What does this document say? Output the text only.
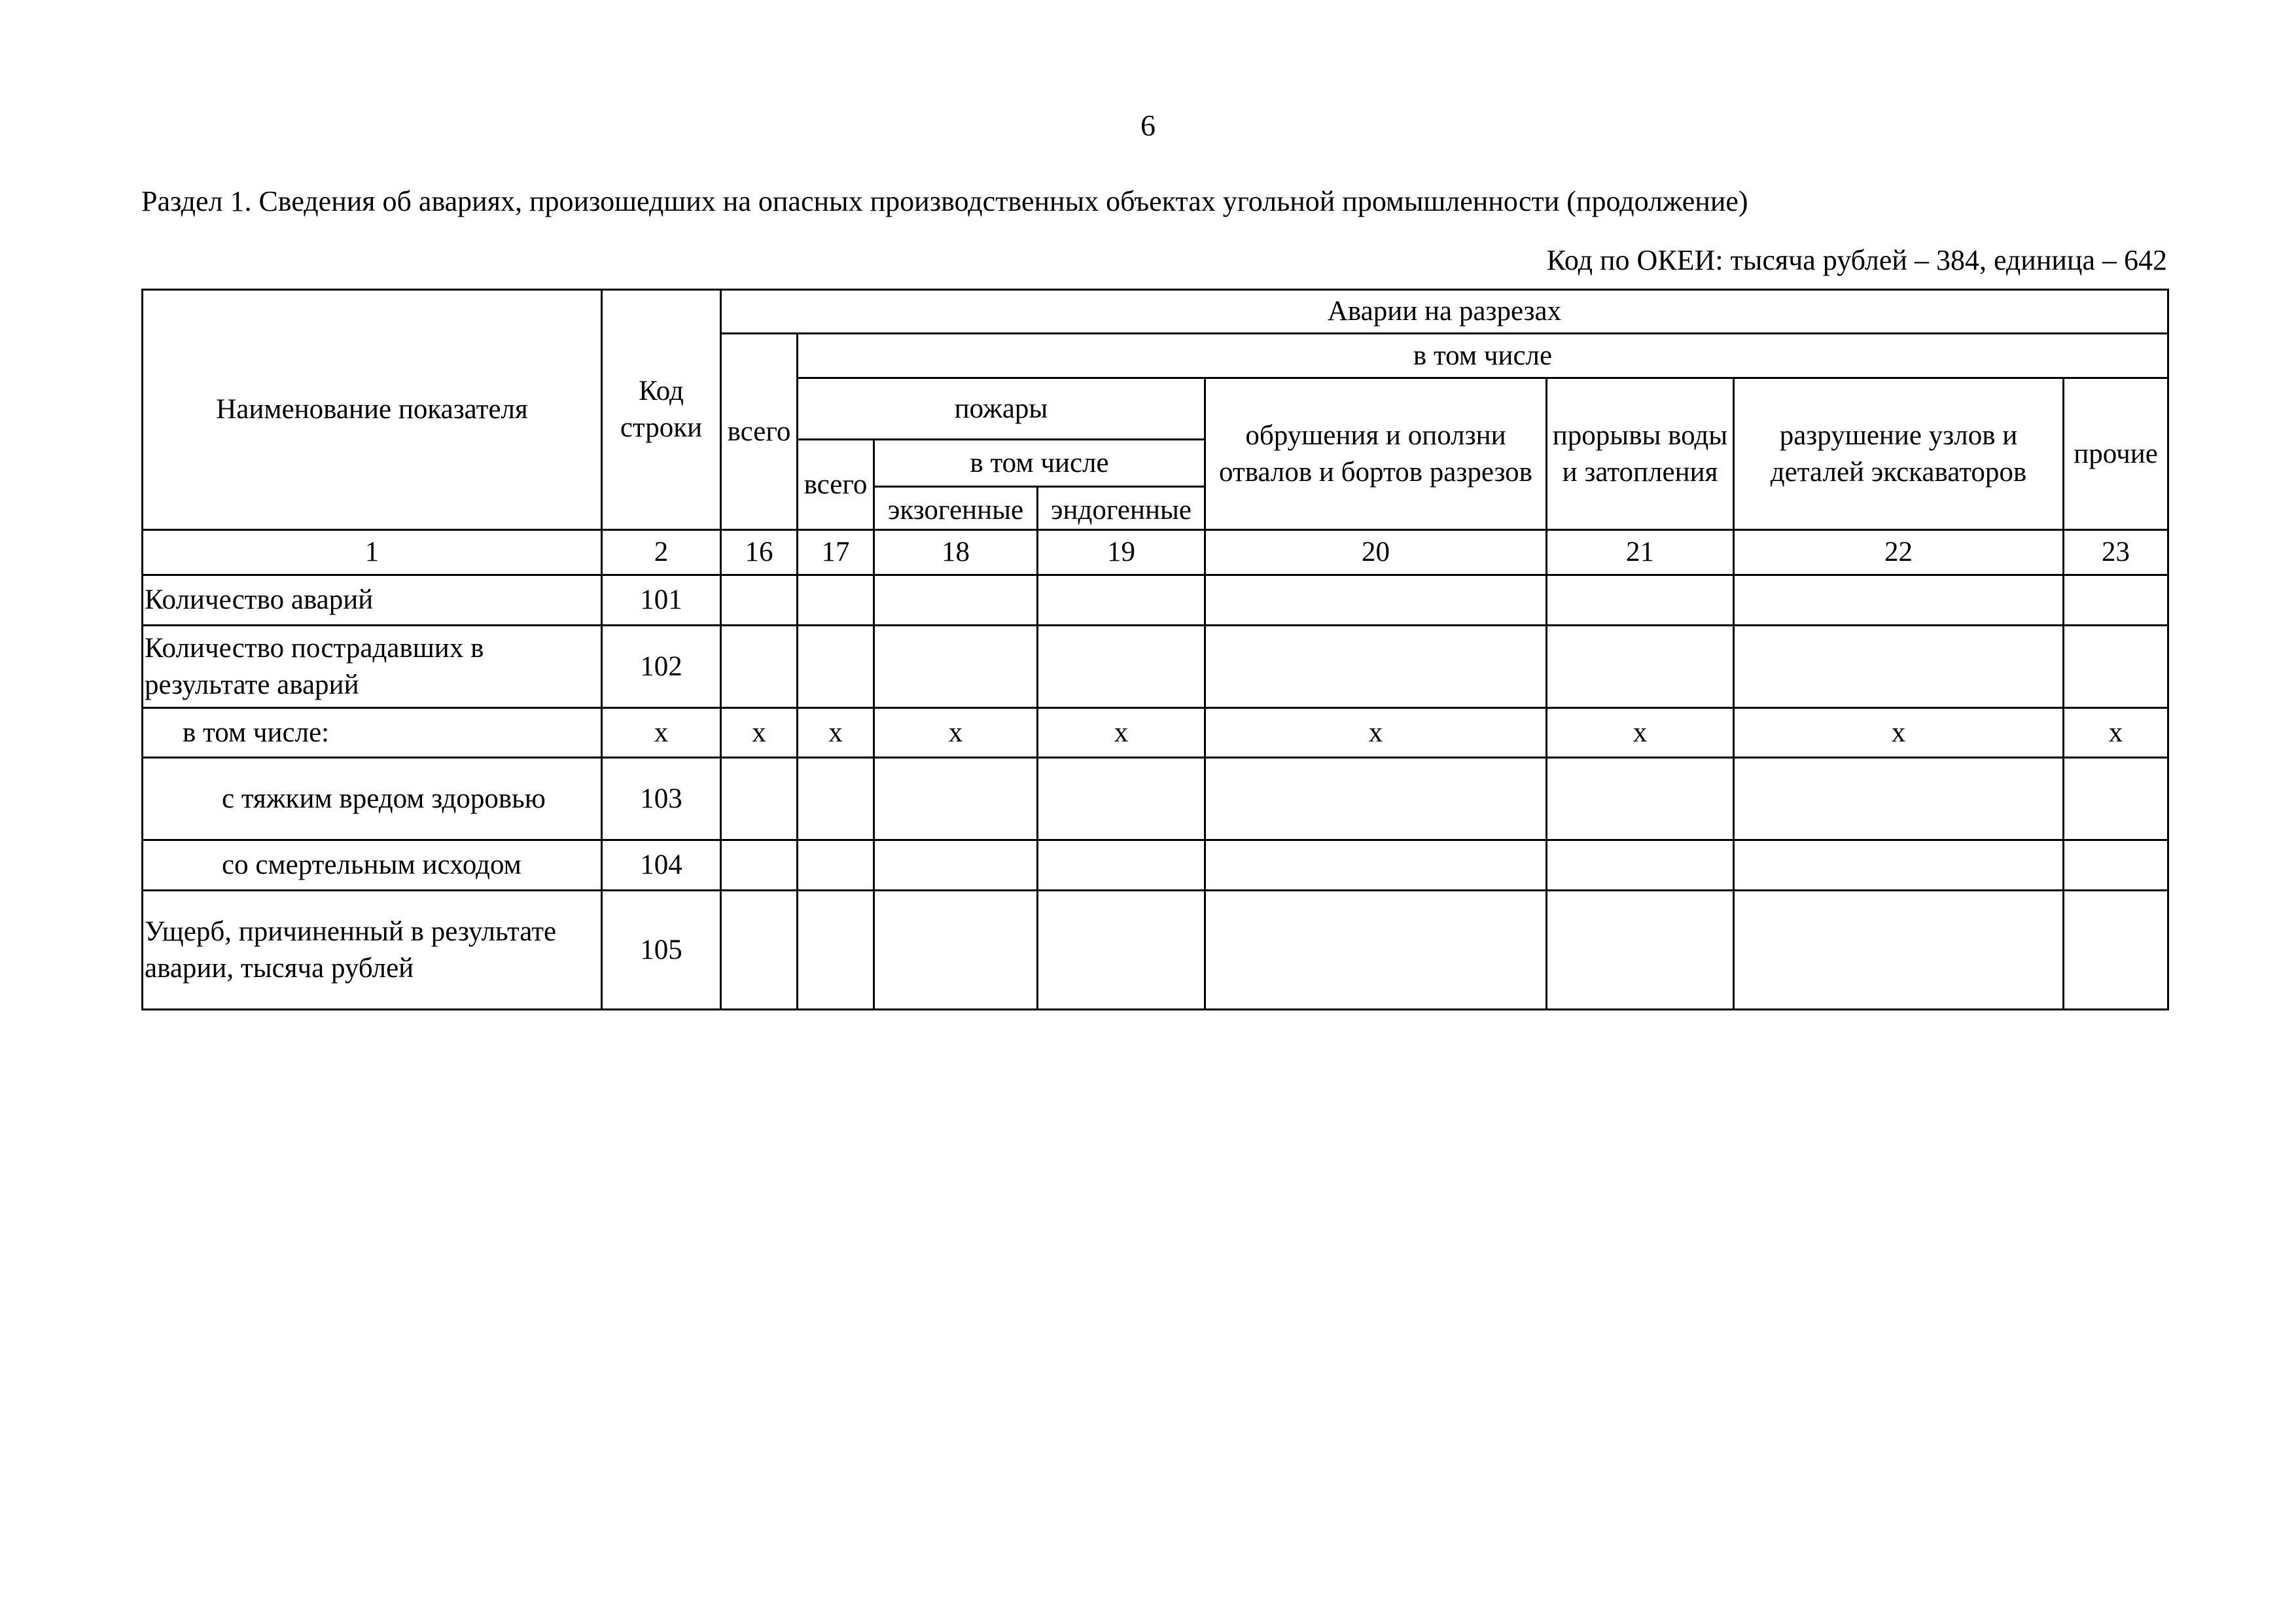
6
Раздел 1. Сведения об авариях, произошедших на опасных производственных объектах угольной промышленности (продолжение)
Код по ОКЕИ: тысяча рублей – 384, единица – 642
Наименование показателя	Код строки	Аварии на разрезах							
		всего	в том числе						
			пожары			обрушения и оползни отвалов и бортов разрезов	прорывы воды и затопления	разрушение узлов и деталей экскаваторов	прочие
			всего	в том числе					
				экзогенные	эндогенные				

1	2	16	17	18	19	20	21	22	23
Количество аварий	101								
Количество пострадавших в результате аварий	102								
в том числе:	x	x	x	x	x	x	x	x	x
с тяжким вредом здоровью	103								
со смертельным исходом	104								
Ущерб, причиненный в результате аварии, тысяча рублей	105								
